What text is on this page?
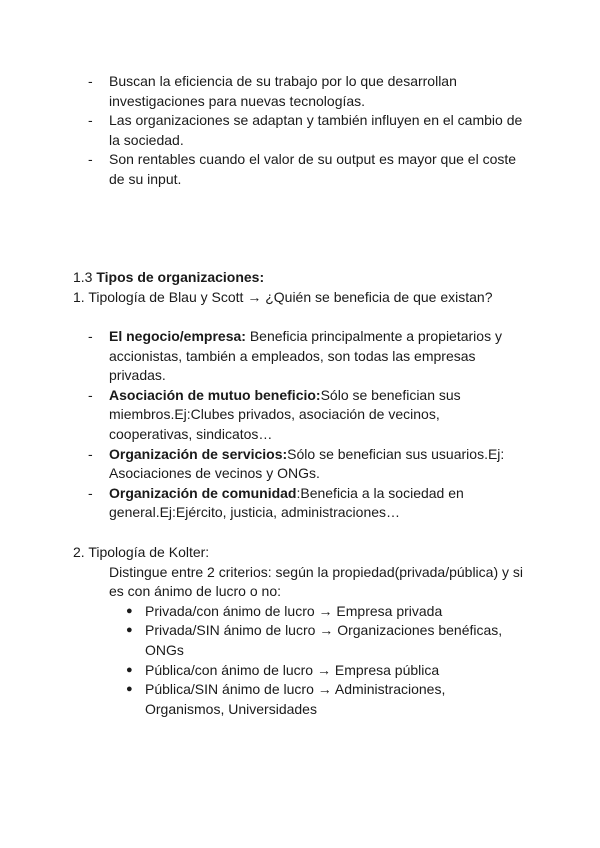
- Buscan la eficiencia de su trabajo por lo que desarrollan
investigaciones para nuevas tecnologías.
- Las organizaciones se adaptan y también influyen en el cambio de
la sociedad.
- Son rentables cuando el valor de su output es mayor que el coste
de su input.
1.3 Tipos de organizaciones:
1. Tipología de Blau y Scott → ¿Quién se beneficia de que existan?
- El negocio/empresa: Beneficia principalmente a propietarios y
accionistas, también a empleados, son todas las empresas
privadas.
- Asociación de mutuo beneficio:Sólo se benefician sus
miembros.Ej:Clubes privados, asociación de vecinos,
cooperativas, sindicatos…
- Organización de servicios:Sólo se benefician sus usuarios.Ej:
Asociaciones de vecinos y ONGs.
- Organización de comunidad:Beneficia a la sociedad en
general.Ej:Ejército, justicia, administraciones…
2. Tipología de Kolter:
Distingue entre 2 criterios: según la propiedad(privada/pública) y si
es con ánimo de lucro o no:
● Privada/con ánimo de lucro → Empresa privada
● Privada/SIN ánimo de lucro → Organizaciones benéficas,
ONGs
● Pública/con ánimo de lucro → Empresa pública
● Pública/SIN ánimo de lucro → Administraciones,
Organismos, Universidades
